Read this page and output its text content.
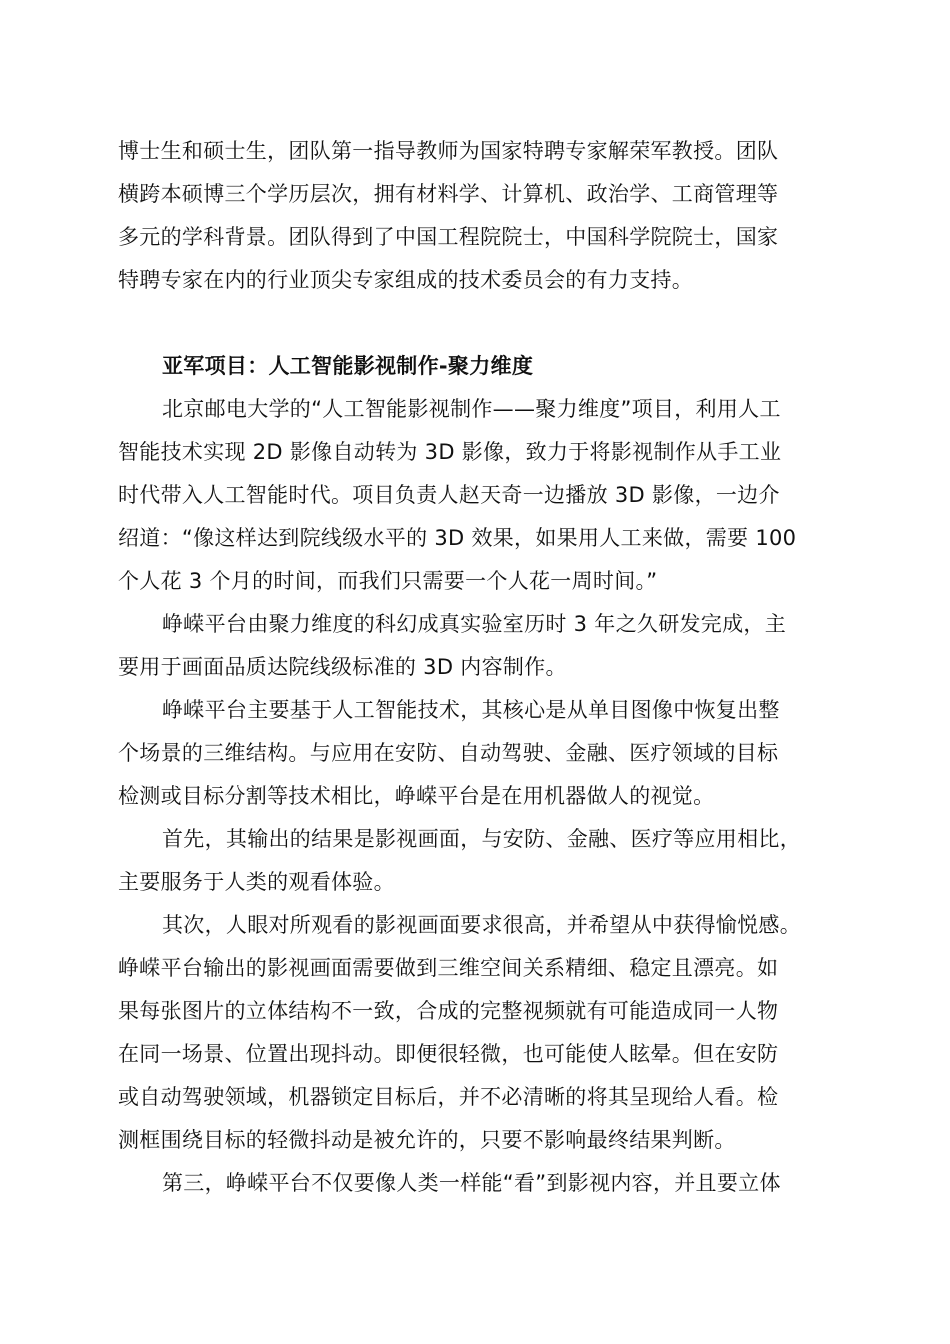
博士生和硕士生，团队第一指导教师为国家特聘专家解荣军教授。团队
横跨本硕博三个学历层次，拥有材料学、计算机、政治学、工商管理等
多元的学科背景。团队得到了中国工程院院士，中国科学院院士，国家
特聘专家在内的行业顶尖专家组成的技术委员会的有力支持。
亚军项目：人工智能影视制作-聚力维度
北京邮电大学的“人工智能影视制作——聚力维度”项目，利用人工
智能技术实现 2D 影像自动转为 3D 影像，致力于将影视制作从手工业
时代带入人工智能时代。项目负责人赵天奇一边播放 3D 影像，一边介
绍道：“像这样达到院线级水平的 3D 效果，如果用人工来做，需要 100
个人花 3 个月的时间，而我们只需要一个人花一周时间。”
峥嵘平台由聚力维度的科幻成真实验室历时 3 年之久研发完成，主
要用于画面品质达院线级标准的 3D 内容制作。
峥嵘平台主要基于人工智能技术，其核心是从单目图像中恢复出整
个场景的三维结构。与应用在安防、自动驾驶、金融、医疗领域的目标
检测或目标分割等技术相比，峥嵘平台是在用机器做人的视觉。
首先，其输出的结果是影视画面，与安防、金融、医疗等应用相比，
主要服务于人类的观看体验。
其次，人眼对所观看的影视画面要求很高，并希望从中获得愉悦感。
峥嵘平台输出的影视画面需要做到三维空间关系精细、稳定且漂亮。如
果每张图片的立体结构不一致，合成的完整视频就有可能造成同一人物
在同一场景、位置出现抖动。即便很轻微，也可能使人眩晕。但在安防
或自动驾驶领域，机器锁定目标后，并不必清晰的将其呈现给人看。检
测框围绕目标的轻微抖动是被允许的，只要不影响最终结果判断。
第三，峥嵘平台不仅要像人类一样能“看”到影视内容，并且要立体
